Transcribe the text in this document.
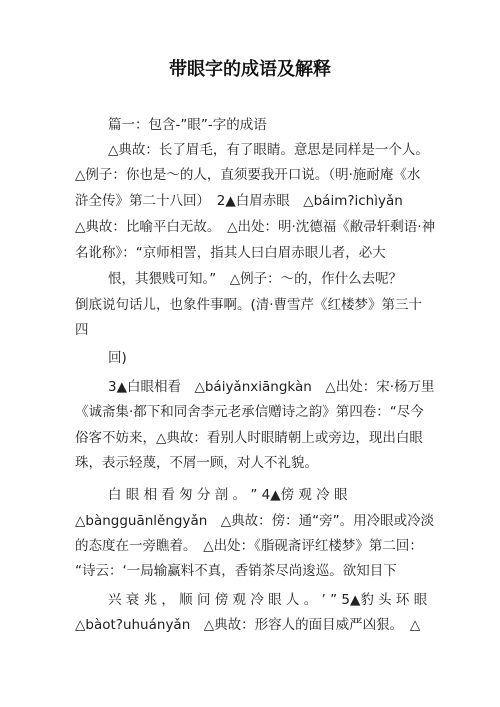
带眼字的成语及解释
篇一：包含-”眼”-字的成语
△典故：长了眉毛，有了眼睛。意思是同样是一个人。
△例子：你也是～的人，直须要我开口说。（明·施耐庵《水
浒全传》第二十八回）　2▲白眉赤眼　△báim?ichìyǎn
△典故：比喻平白无故。　△出处：明·沈德福《敝帚轩剩语·神
名讹称》：“京师相詈，指其人曰白眉赤眼儿者，必大
恨，其猥贱可知。”　△例子：～的，作什么去呢？
倒底说句话儿，也象件事啊。(清·曹雪芹《红楼梦》第三十
四
回)
3▲白眼相看　△báiyǎnxiāngkàn　△出处：宋·杨万里
《诚斋集·都下和同舍李元老承信赠诗之韵》第四卷：“尽今
俗客不妨来，△典故：看别人时眼睛朝上或旁边，现出白眼
珠，表示轻蔑，不屑一顾，对人不礼貌。
白 眼 相 看 匆 分 剖 。 ” 4▲傍 观 冷 眼
△bàngguānlěngyǎn　△典故：傍：通“旁”。用冷眼或冷淡
的态度在一旁瞧着。　△出处：《脂砚斋评红楼梦》第二回：
“诗云：‘一局输赢料不真，香销茶尽尚逡巡。欲知目下
兴 衰 兆 ， 顺 问 傍 观 冷 眼 人 。 ’ ” 5▲豹 头 环 眼
△bàot?uhuányǎn　△典故：形容人的面目威严凶狠。　△
